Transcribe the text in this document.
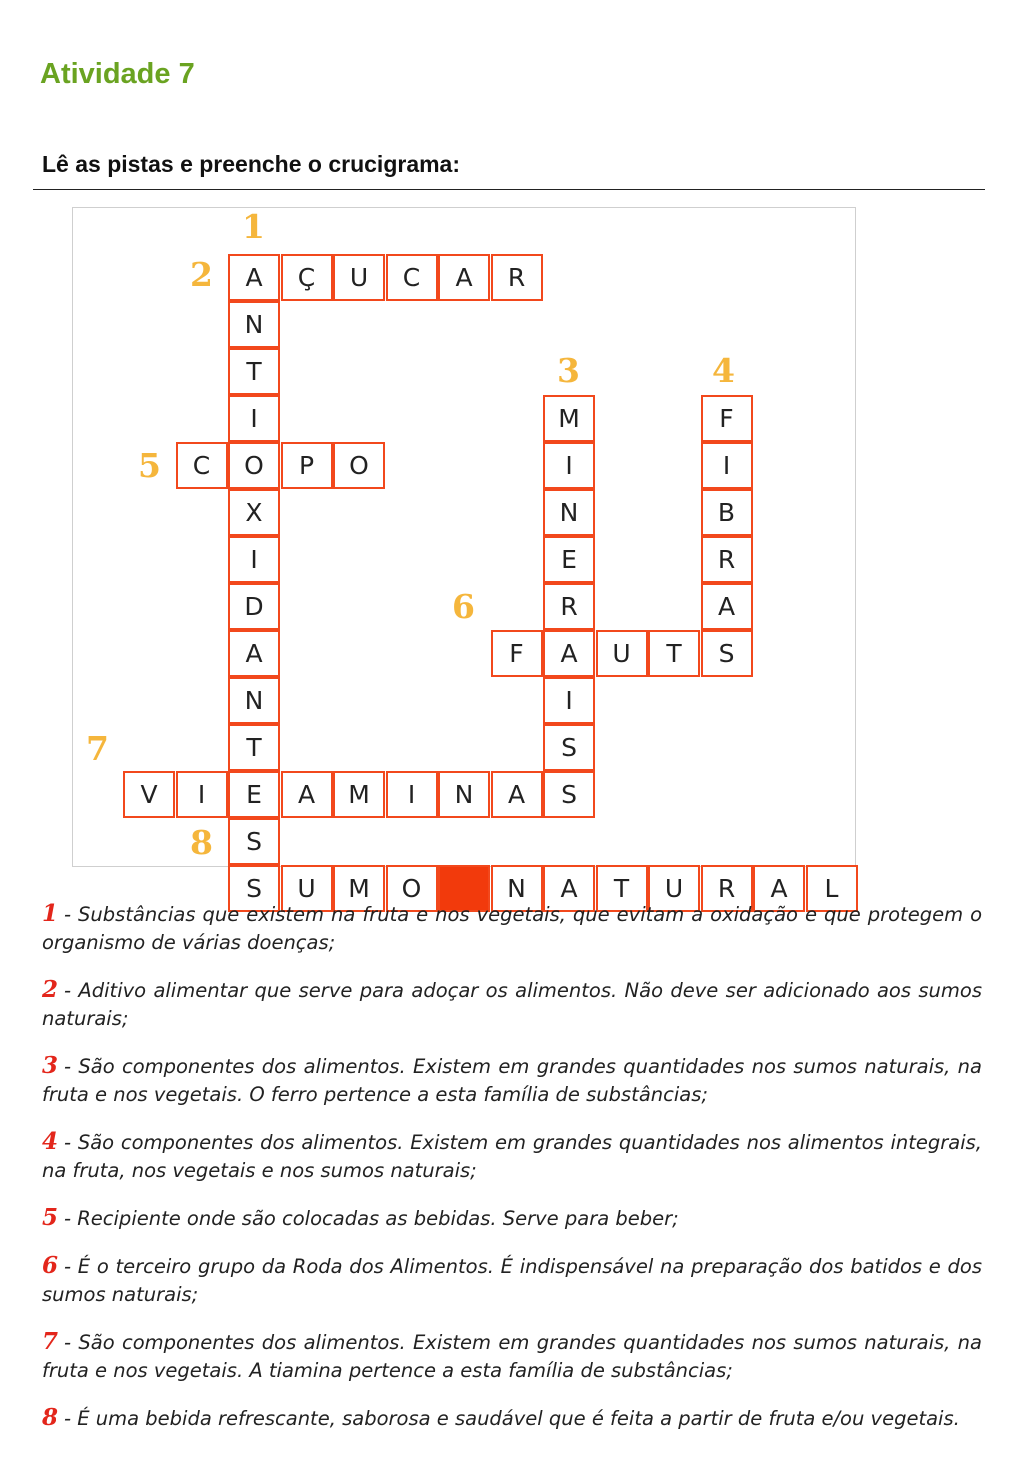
Atividade 7
Lê as pistas e preenche o crucigrama:
A	Ç	U	C	A	R
N
T
I
O
X
I
D
A
N
T
E
S
C	P	O
M
I
N
E
R
A
I
S
F
I
B
R
A
S
F	U	T
V	I	A	M	I	N	A	S
S	U	M	O	N	A	T	U	R	A	L
1
2
3	4
5
6
7
8
1 - Substâncias que existem na fruta e nos vegetais, que evitam a oxidação e que protegem o organismo de várias doenças;
2 - Aditivo alimentar que serve para adoçar os alimentos. Não deve ser adicionado aos sumos naturais;
3 - São componentes dos alimentos. Existem em grandes quantidades nos sumos naturais, na fruta e nos vegetais. O ferro pertence a esta família de substâncias;
4 - São componentes dos alimentos. Existem em grandes quantidades nos alimentos integrais, na fruta, nos vegetais e nos sumos naturais;
5 - Recipiente onde são colocadas as bebidas. Serve para beber;
6 - É o terceiro grupo da Roda dos Alimentos. É indispensável na preparação dos batidos e dos sumos naturais;
7 - São componentes dos alimentos. Existem em grandes quantidades nos sumos naturais, na fruta e nos vegetais. A tiamina pertence a esta família de substâncias;
8 - É uma bebida refrescante, saborosa e saudável que é feita a partir de fruta e/ou vegetais.
